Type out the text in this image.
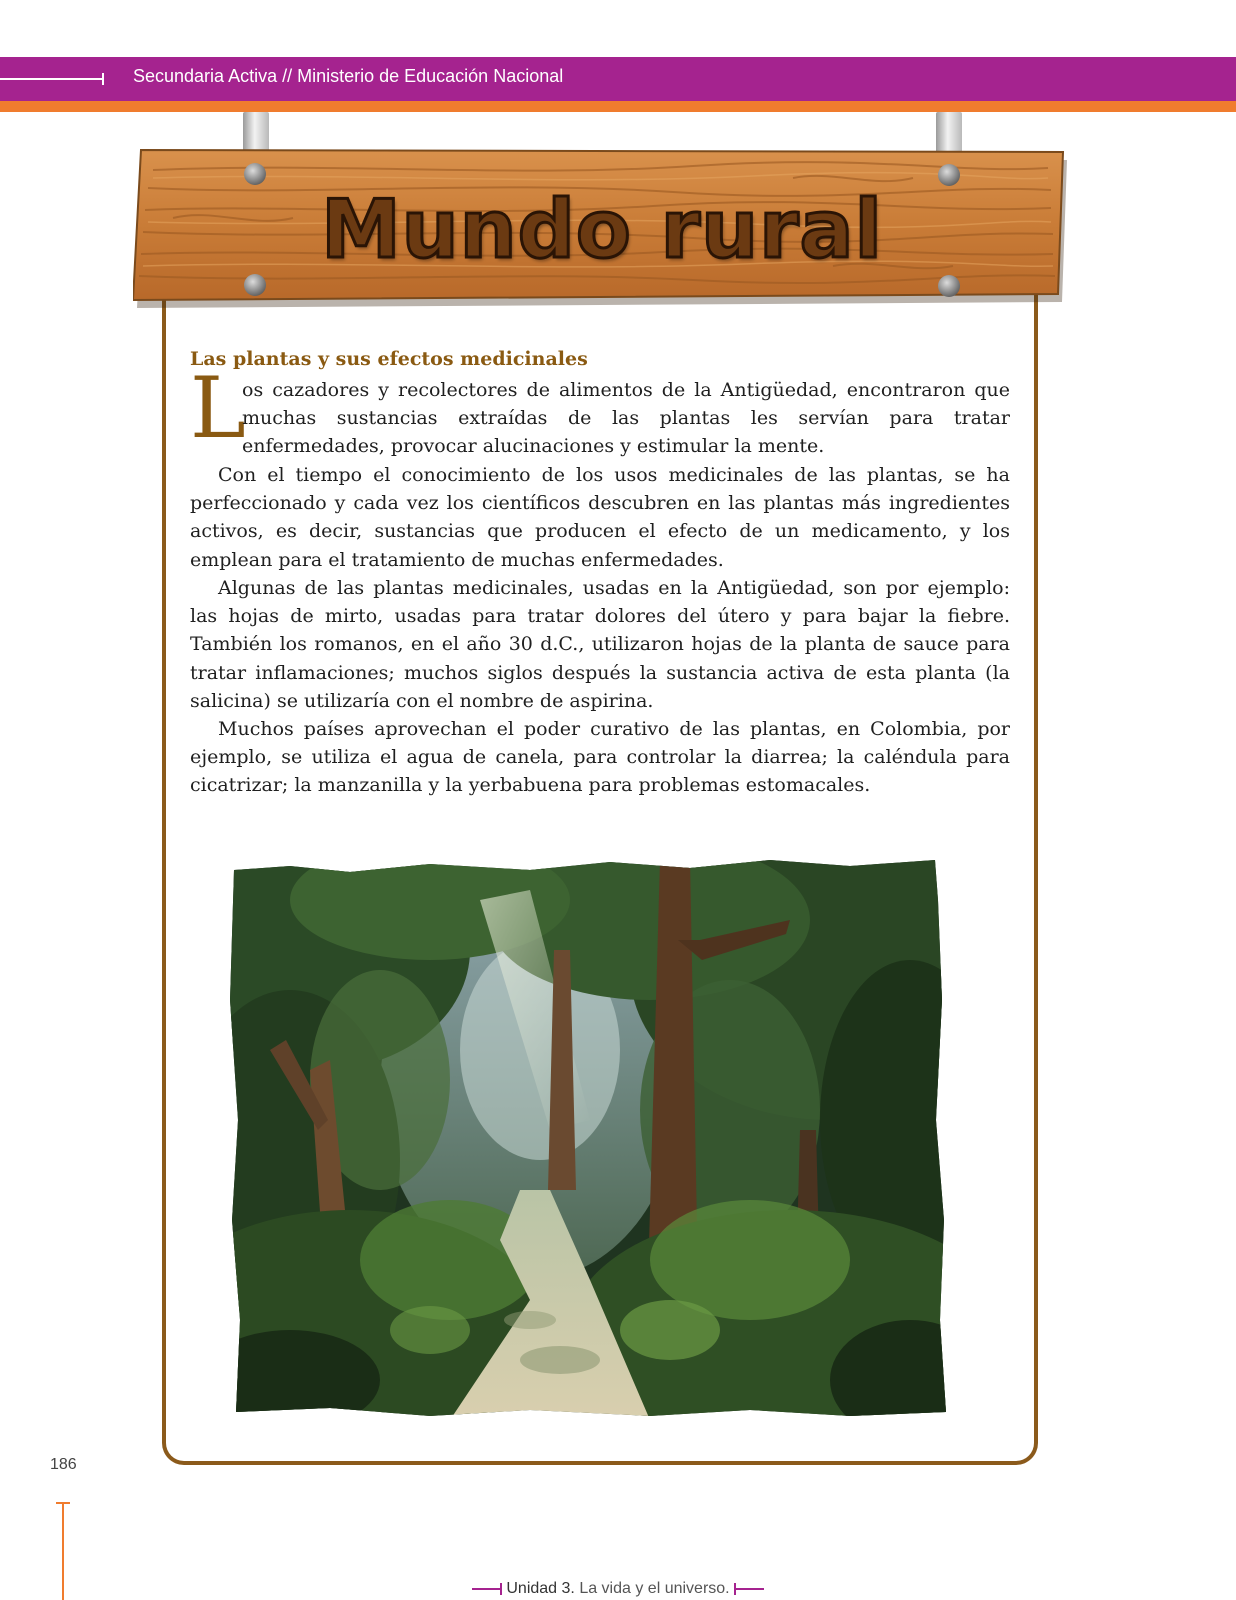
Secundaria Activa // Ministerio de Educación Nacional
Mundo rural
Las plantas y sus efectos medicinales
L

os cazadores y recolectores de alimentos de la Antigüedad, encontraron que muchas sustancias extraídas de las plantas les servían para tratar enfermedades, provocar alucinaciones y estimular la mente.

Con el tiempo el conocimiento de los usos medicinales de las plantas, se ha perfeccionado y cada vez los científicos descubren en las plantas más ingredientes activos, es decir, sustancias que producen el efecto de un medicamento, y los emplean para el tratamiento de muchas enfermedades.

Algunas de las plantas medicinales, usadas en la Antigüedad, son por ejemplo: las hojas de mirto, usadas para tratar dolores del útero y para bajar la fiebre. También los romanos, en el año 30 d.C., utilizaron hojas de la planta de sauce para tratar inflamaciones; muchos siglos después la sustancia activa de esta planta (la salicina) se utilizaría con el nombre de aspirina.

Muchos países aprovechan el poder curativo de las plantas, en Colombia, por ejemplo, se utiliza el agua de canela, para controlar la diarrea; la caléndula para cicatrizar; la manzanilla y la yerbabuena para problemas estomacales.

186
Unidad 3. La vida y el universo.
